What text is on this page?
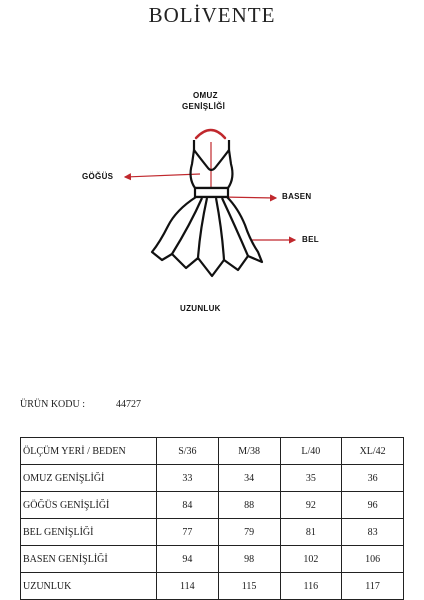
BOLİVENTE
OMUZ
GENİŞLİĞİ
GÖĞÜS
BASEN
BEL
UZUNLUK
ÜRÜN KODU :	44727
ÖLÇÜM YERİ / BEDEN	S/36	M/38	L/40	XL/42
OMUZ GENİŞLİĞİ	33	34	35	36
GÖĞÜS GENİŞLİĞİ	84	88	92	96
BEL GENİŞLİĞİ	77	79	81	83
BASEN GENİŞLİĞİ	94	98	102	106
UZUNLUK	114	115	116	117
